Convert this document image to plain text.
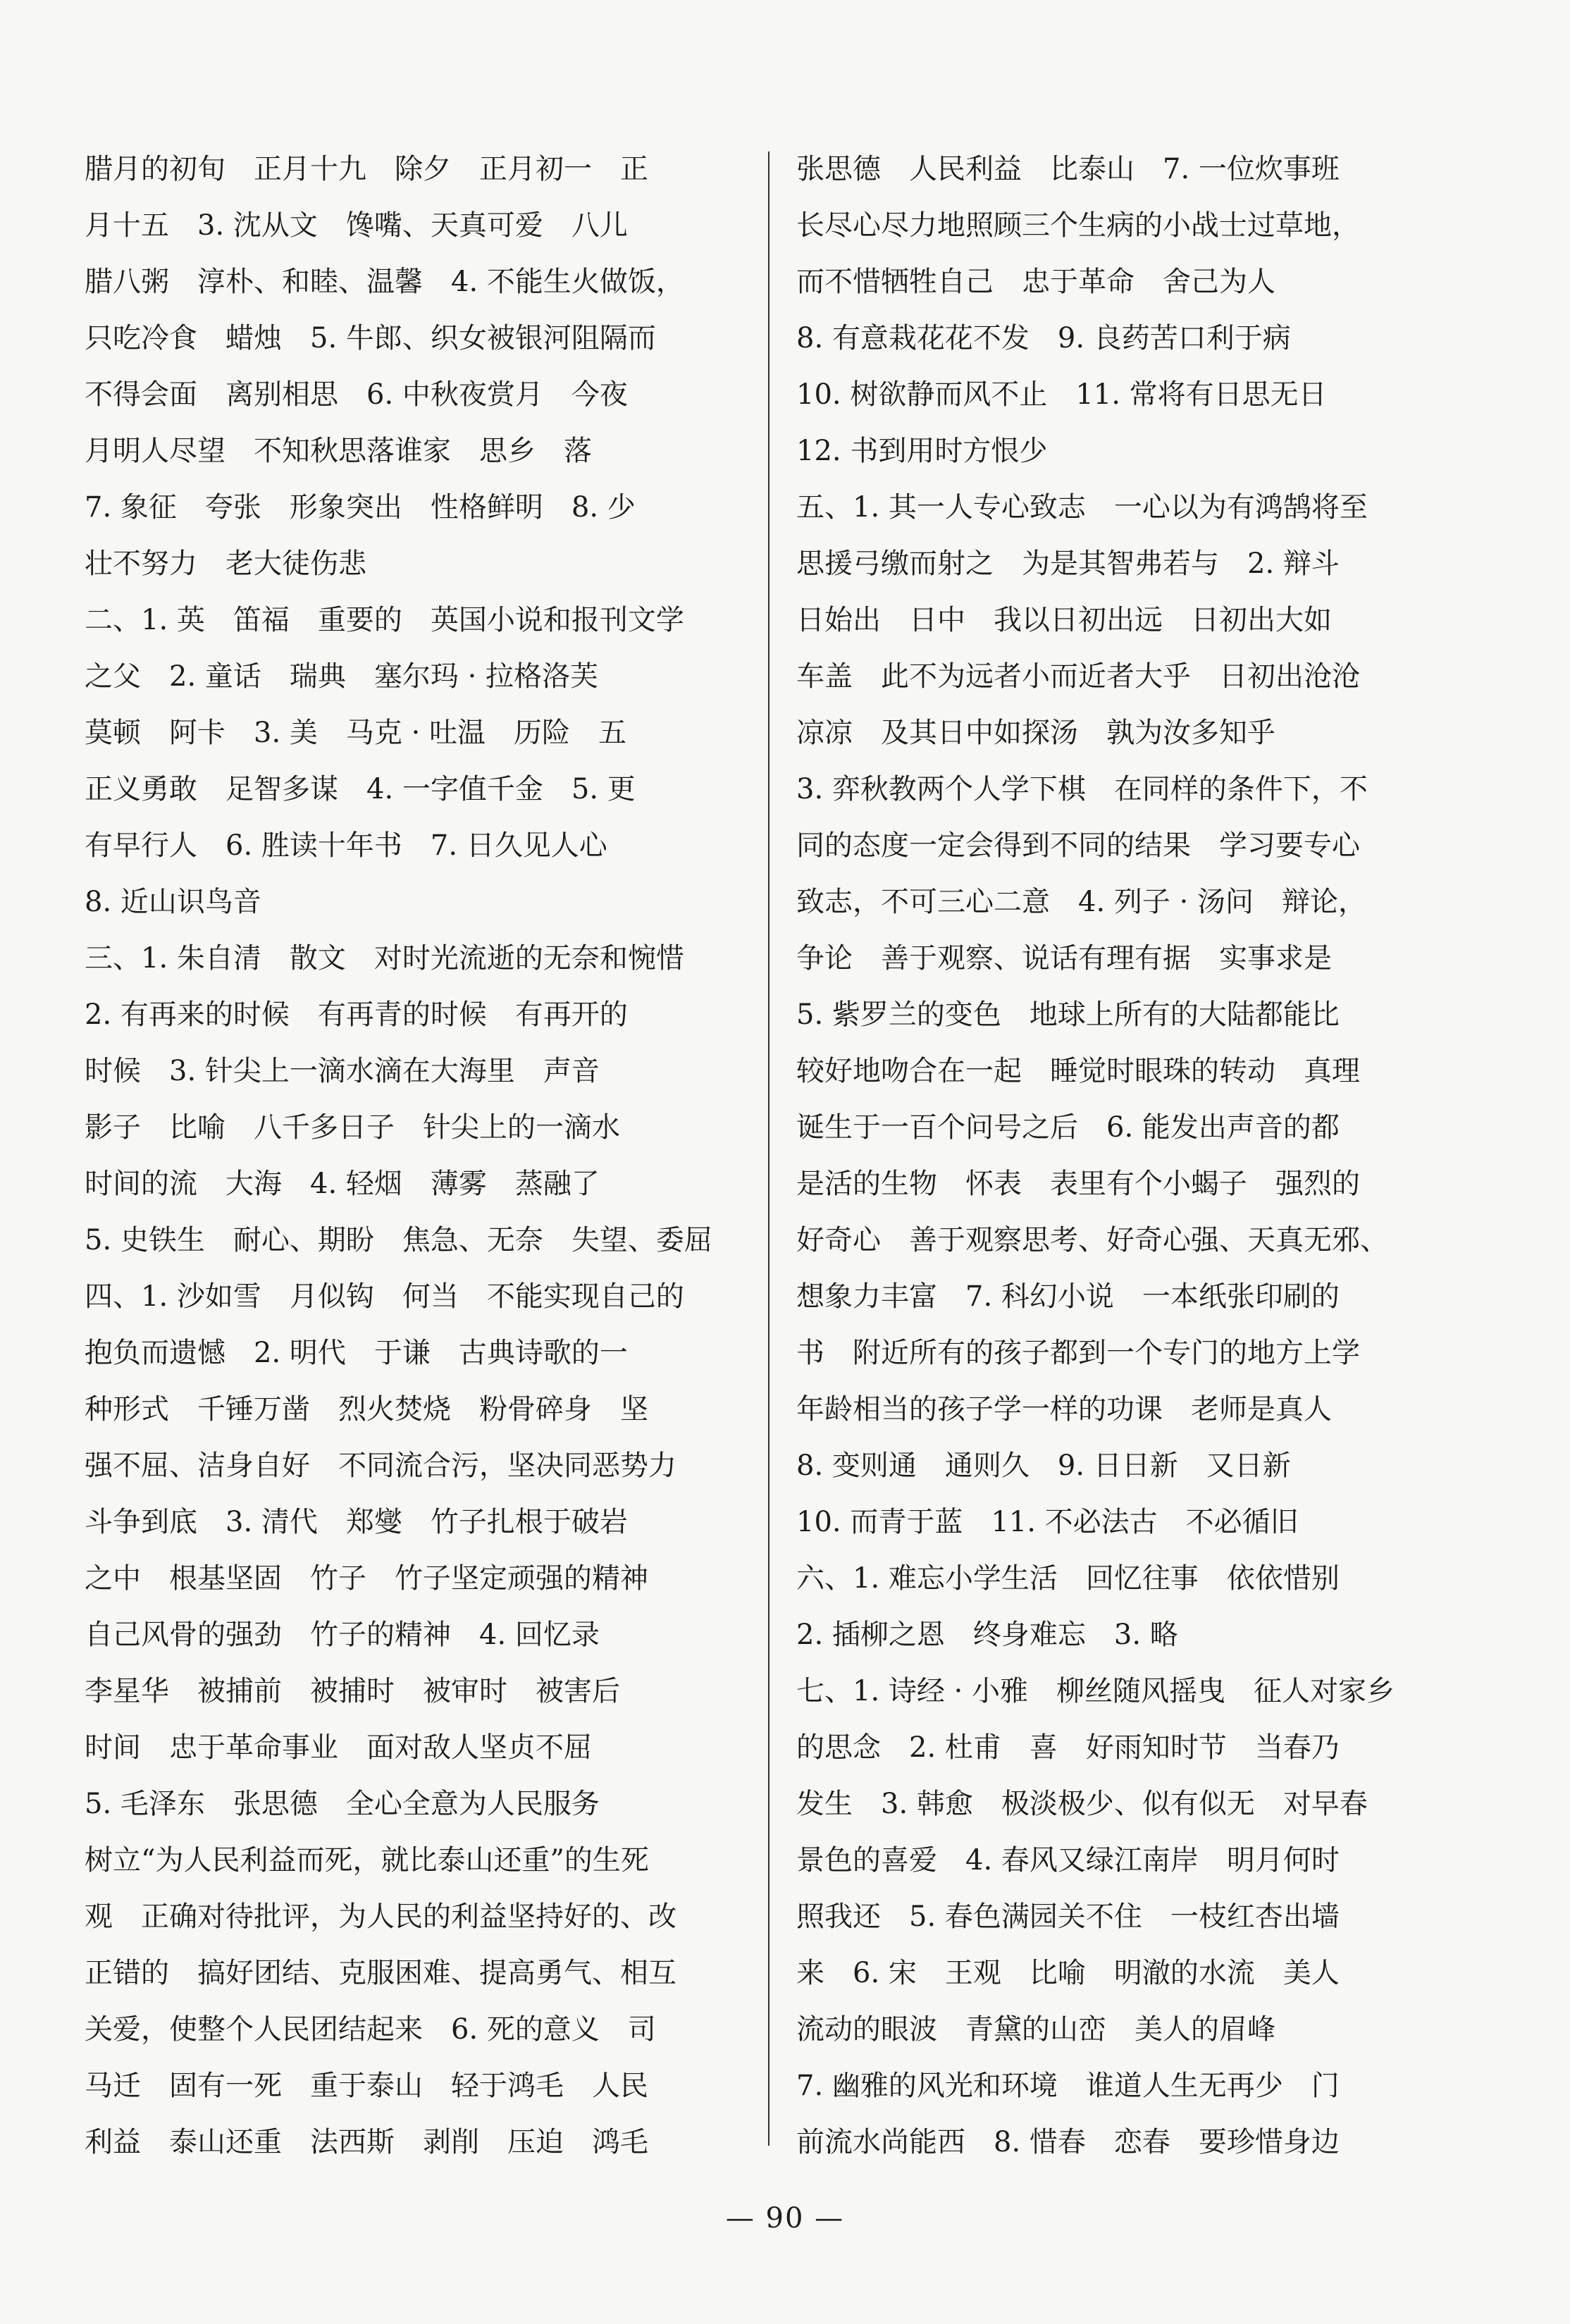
腊月的初旬　正月十九　除夕　正月初一　正
月十五　3. 沈从文　馋嘴、天真可爱　八儿
腊八粥　淳朴、和睦、温馨　4. 不能生火做饭，
只吃冷食　蜡烛　5. 牛郎、织女被银河阻隔而
不得会面　离别相思　6. 中秋夜赏月　今夜
月明人尽望　不知秋思落谁家　思乡　落
7. 象征　夸张　形象突出　性格鲜明　8. 少
壮不努力　老大徒伤悲
二、1. 英　笛福　重要的　英国小说和报刊文学
之父　2. 童话　瑞典　塞尔玛 · 拉格洛芙
莫顿　阿卡　3. 美　马克 · 吐温　历险　五
正义勇敢　足智多谋　4. 一字值千金　5. 更
有早行人　6. 胜读十年书　7. 日久见人心
8. 近山识鸟音
三、1. 朱自清　散文　对时光流逝的无奈和惋惜
2. 有再来的时候　有再青的时候　有再开的
时候　3. 针尖上一滴水滴在大海里　声音
影子　比喻　八千多日子　针尖上的一滴水
时间的流　大海　4. 轻烟　薄雾　蒸融了
5. 史铁生　耐心、期盼　焦急、无奈　失望、委屈
四、1. 沙如雪　月似钩　何当　不能实现自己的
抱负而遗憾　2. 明代　于谦　古典诗歌的一
种形式　千锤万凿　烈火焚烧　粉骨碎身　坚
强不屈、洁身自好　不同流合污，坚决同恶势力
斗争到底　3. 清代　郑燮　竹子扎根于破岩
之中　根基坚固　竹子　竹子坚定顽强的精神
自己风骨的强劲　竹子的精神　4. 回忆录
李星华　被捕前　被捕时　被审时　被害后
时间　忠于革命事业　面对敌人坚贞不屈
5. 毛泽东　张思德　全心全意为人民服务
树立“为人民利益而死，就比泰山还重”的生死
观　正确对待批评，为人民的利益坚持好的、改
正错的　搞好团结、克服困难、提高勇气、相互
关爱，使整个人民团结起来　6. 死的意义　司
马迁　固有一死　重于泰山　轻于鸿毛　人民
利益　泰山还重　法西斯　剥削　压迫　鸿毛
张思德　人民利益　比泰山　7. 一位炊事班
长尽心尽力地照顾三个生病的小战士过草地，
而不惜牺牲自己　忠于革命　舍己为人
8. 有意栽花花不发　9. 良药苦口利于病
10. 树欲静而风不止　11. 常将有日思无日
12. 书到用时方恨少
五、1. 其一人专心致志　一心以为有鸿鹄将至
思援弓缴而射之　为是其智弗若与　2. 辩斗
日始出　日中　我以日初出远　日初出大如
车盖　此不为远者小而近者大乎　日初出沧沧
凉凉　及其日中如探汤　孰为汝多知乎
3. 弈秋教两个人学下棋　在同样的条件下，不
同的态度一定会得到不同的结果　学习要专心
致志，不可三心二意　4. 列子 · 汤问　辩论，
争论　善于观察、说话有理有据　实事求是
5. 紫罗兰的变色　地球上所有的大陆都能比
较好地吻合在一起　睡觉时眼珠的转动　真理
诞生于一百个问号之后　6. 能发出声音的都
是活的生物　怀表　表里有个小蝎子　强烈的
好奇心　善于观察思考、好奇心强、天真无邪、
想象力丰富　7. 科幻小说　一本纸张印刷的
书　附近所有的孩子都到一个专门的地方上学
年龄相当的孩子学一样的功课　老师是真人
8. 变则通　通则久　9. 日日新　又日新
10. 而青于蓝　11. 不必法古　不必循旧
六、1. 难忘小学生活　回忆往事　依依惜别
2. 插柳之恩　终身难忘　3. 略
七、1. 诗经 · 小雅　柳丝随风摇曳　征人对家乡
的思念　2. 杜甫　喜　好雨知时节　当春乃
发生　3. 韩愈　极淡极少、似有似无　对早春
景色的喜爱　4. 春风又绿江南岸　明月何时
照我还　5. 春色满园关不住　一枝红杏出墙
来　6. 宋　王观　比喻　明澈的水流　美人
流动的眼波　青黛的山峦　美人的眉峰
7. 幽雅的风光和环境　谁道人生无再少　门
前流水尚能西　8. 惜春　恋春　要珍惜身边
— 90 —
